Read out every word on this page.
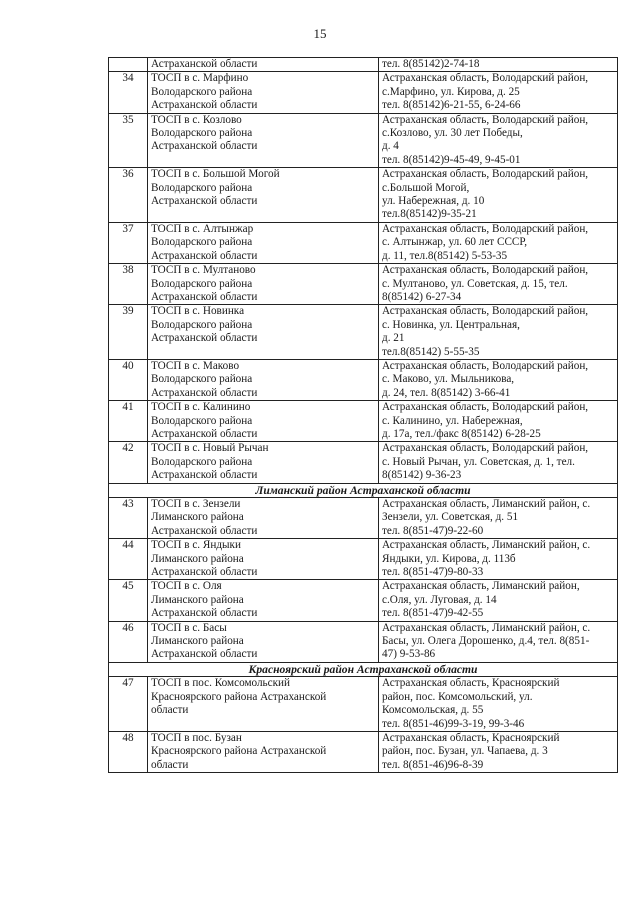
15

	Астраханской области	тел. 8(85142)2-74-18

34	ТОСП в с. Марфино
Володарского района
Астраханской области	Астраханская область, Володарский район,
с.Марфино, ул. Кирова, д. 25
тел. 8(85142)6-21-55, 6-24-66

35	ТОСП в с. Козлово
Володарского района
Астраханской области	Астраханская область, Володарский район,
с.Козлово, ул. 30 лет Победы,
д. 4
тел. 8(85142)9-45-49, 9-45-01

36	ТОСП в с. Большой Могой
Володарского района
Астраханской области	Астраханская область, Володарский район,
с.Большой Могой,
ул. Набережная, д. 10
тел.8(85142)9-35-21

37	ТОСП в с. Алтынжар
Володарского района
Астраханской области	Астраханская область, Володарский район,
с. Алтынжар, ул. 60 лет СССР,
д. 11, тел.8(85142) 5-53-35

38	ТОСП в с. Мултаново
Володарского района
Астраханской области	Астраханская область, Володарский район,
с. Мултаново, ул. Советская, д. 15, тел.
8(85142) 6-27-34

39	ТОСП в с. Новинка
Володарского района
Астраханской области	Астраханская область, Володарский район,
с. Новинка, ул. Центральная,
д. 21
тел.8(85142) 5-55-35

40	ТОСП в с. Маково
Володарского района
Астраханской области	Астраханская область, Володарский район,
с. Маково, ул. Мыльникова,
д. 24, тел. 8(85142) 3-66-41

41	ТОСП в с. Калинино
Володарского района
Астраханской области	Астраханская область, Володарский район,
с. Калинино, ул. Набережная,
д. 17а, тел./факс 8(85142) 6-28-25

42	ТОСП в с. Новый Рычан
Володарского района
Астраханской области	Астраханская область, Володарский район,
с. Новый Рычан, ул. Советская, д. 1, тел.
8(85142) 9-36-23

Лиманский район Астраханской области		
43	ТОСП в с. Зензели
Лиманского района
Астраханской области	Астраханская область, Лиманский район, с.
Зензели, ул. Советская, д. 51
тел. 8(851-47)9-22-60

44	ТОСП в с. Яндыки
Лиманского района
Астраханской области	Астраханская область, Лиманский район, с.
Яндыки, ул. Кирова, д. 113б
тел. 8(851-47)9-80-33

45	ТОСП в с. Оля
Лиманского района
Астраханской области	Астраханская область, Лиманский район,
с.Оля, ул. Луговая, д. 14
тел. 8(851-47)9-42-55

46	ТОСП в с. Басы
Лиманского района
Астраханской области	Астраханская область, Лиманский район, с.
Басы, ул. Олега Дорошенко, д.4, тел. 8(851-
47) 9-53-86

Красноярский район Астраханской области		
47	ТОСП в пос. Комсомольский
Красноярского района Астраханской
области	Астраханская область, Красноярский
район, пос. Комсомольский, ул.
Комсомольская, д. 55
тел. 8(851-46)99-3-19, 99-3-46

48	ТОСП в пос. Бузан
Красноярского района Астраханской
области	Астраханская область, Красноярский
район, пос. Бузан, ул. Чапаева, д. 3
тел. 8(851-46)96-8-39
